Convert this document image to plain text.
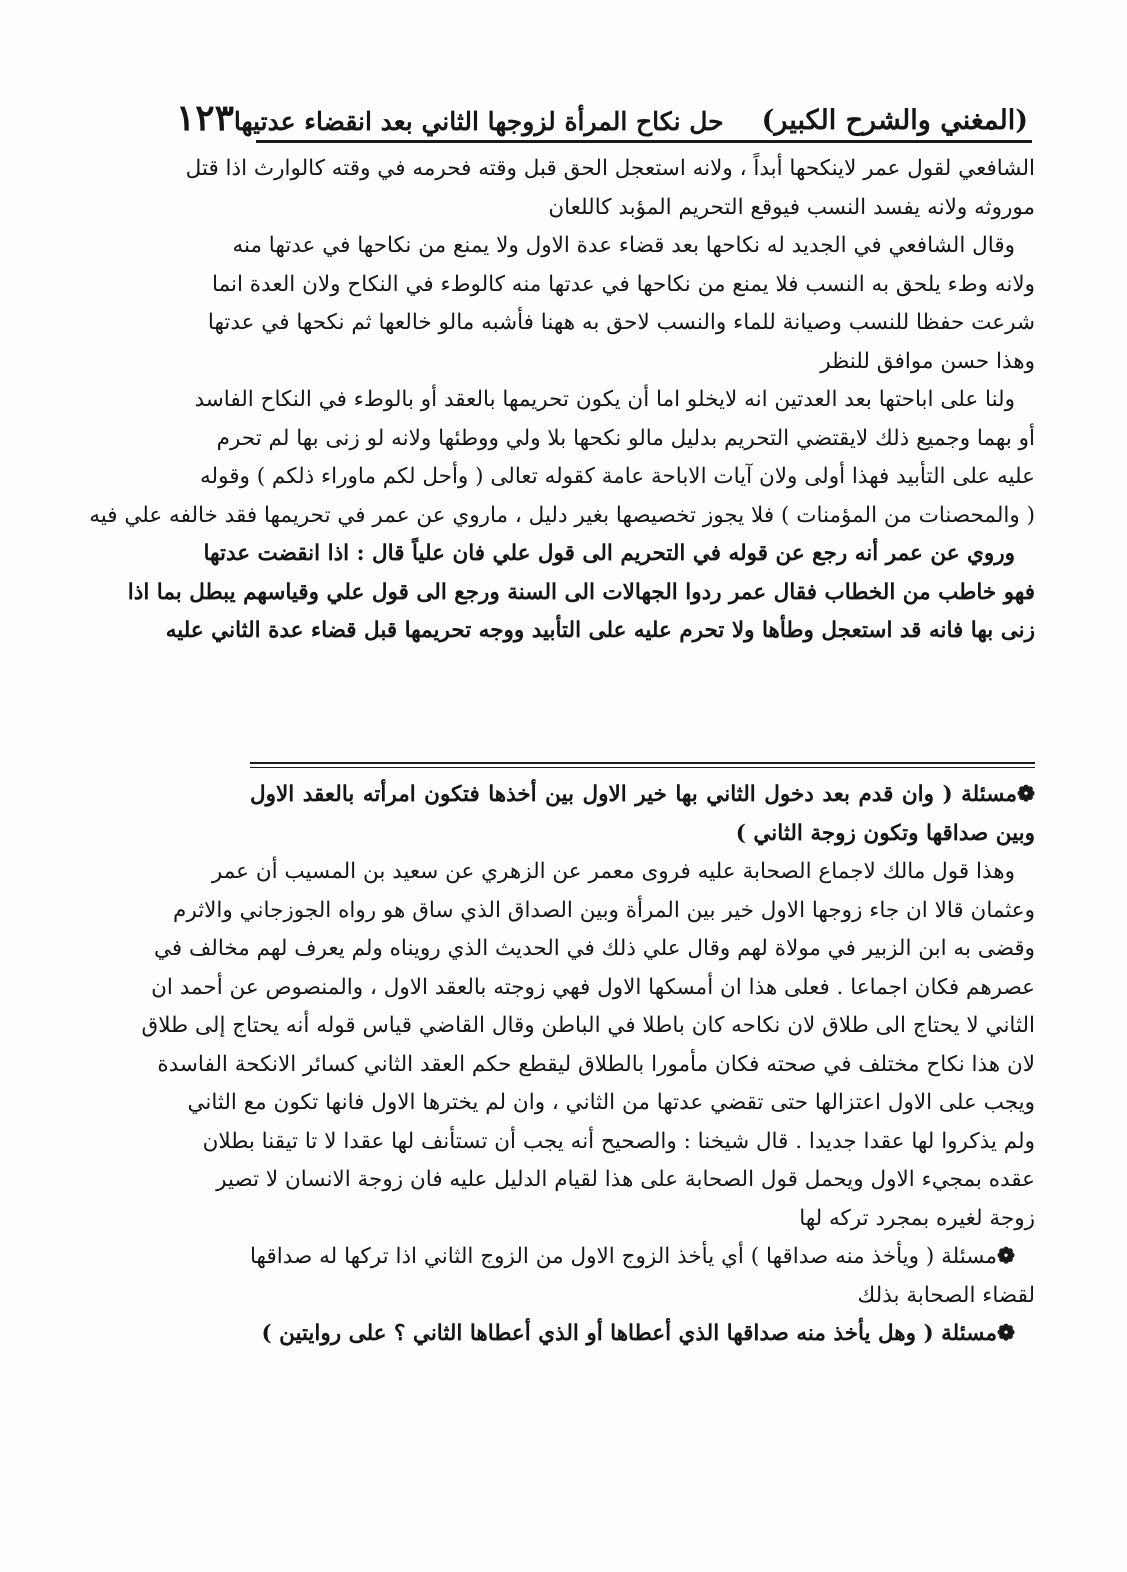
(المغني والشرح الكبير)
حل نكاح المرأة لزوجها الثاني بعد انقضاء عدتيها
١٢٣
الشافعي لقول عمر لاينكحها أبداً ، ولانه استعجل الحق قبل وقته فحرمه في وقته كالوارث اذا قتل
موروثه ولانه يفسد النسب فيوقع التحريم المؤبد كاللعان
وقال الشافعي في الجديد له نكاحها بعد قضاء عدة الاول ولا يمنع من نكاحها في عدتها منه
ولانه وطء يلحق به النسب فلا يمنع من نكاحها في عدتها منه كالوطء في النكاح ولان العدة انما
شرعت حفظا للنسب وصيانة للماء والنسب لاحق به ههنا فأشبه مالو خالعها ثم نكحها في عدتها
وهذا حسن موافق للنظر
ولنا على اباحتها بعد العدتين انه لايخلو اما أن يكون تحريمها بالعقد أو بالوطء في النكاح الفاسد
أو بهما وجميع ذلك لايقتضي التحريم بدليل مالو نكحها بلا ولي ووطئها ولانه لو زنى بها لم تحرم
عليه على التأبيد فهذا أولى ولان آيات الاباحة عامة كقوله تعالى ( وأحل لكم ماوراء ذلكم ) وقوله
( والمحصنات من المؤمنات ) فلا يجوز تخصيصها بغير دليل ، ماروي عن عمر في تحريمها فقد خالفه علي فيه
وروي عن عمر أنه رجع عن قوله في التحريم الى قول علي فان علياً قال : اذا انقضت عدتها
فهو خاطب من الخطاب فقال عمر ردوا الجهالات الى السنة ورجع الى قول علي وقياسهم يبطل بما اذا
زنى بها فانه قد استعجل وطأها ولا تحرم عليه على التأبيد ووجه تحريمها قبل قضاء عدة الثاني عليه
❁مسئلة ( وان قدم بعد دخول الثاني بها خير الاول بين أخذها فتكون امرأته بالعقد الاول
وبين صداقها وتكون زوجة الثاني )
وهذا قول مالك لاجماع الصحابة عليه فروى معمر عن الزهري عن سعيد بن المسيب أن عمر
وعثمان قالا ان جاء زوجها الاول خير بين المرأة وبين الصداق الذي ساق هو رواه الجوزجاني والاثرم
وقضى به ابن الزبير في مولاة لهم وقال علي ذلك في الحديث الذي رويناه ولم يعرف لهم مخالف في
عصرهم فكان اجماعا . فعلى هذا ان أمسكها الاول فهي زوجته بالعقد الاول ، والمنصوص عن أحمد ان
الثاني لا يحتاج الى طلاق لان نكاحه كان باطلا في الباطن وقال القاضي قياس قوله أنه يحتاج إلى طلاق
لان هذا نكاح مختلف في صحته فكان مأمورا بالطلاق ليقطع حكم العقد الثاني كسائر الانكحة الفاسدة
ويجب على الاول اعتزالها حتى تقضي عدتها من الثاني ، وان لم يخترها الاول فانها تكون مع الثاني
ولم يذكروا لها عقدا جديدا . قال شيخنا : والصحيح أنه يجب أن تستأنف لها عقدا لا تا تيقنا بطلان
عقده بمجيء الاول ويحمل قول الصحابة على هذا لقيام الدليل عليه فان زوجة الانسان لا تصير
زوجة لغيره بمجرد تركه لها
❁مسئلة ( ويأخذ منه صداقها ) أي يأخذ الزوج الاول من الزوج الثاني اذا تركها له صداقها
لقضاء الصحابة بذلك
❁مسئلة ( وهل يأخذ منه صداقها الذي أعطاها أو الذي أعطاها الثاني ؟ على روايتين )
